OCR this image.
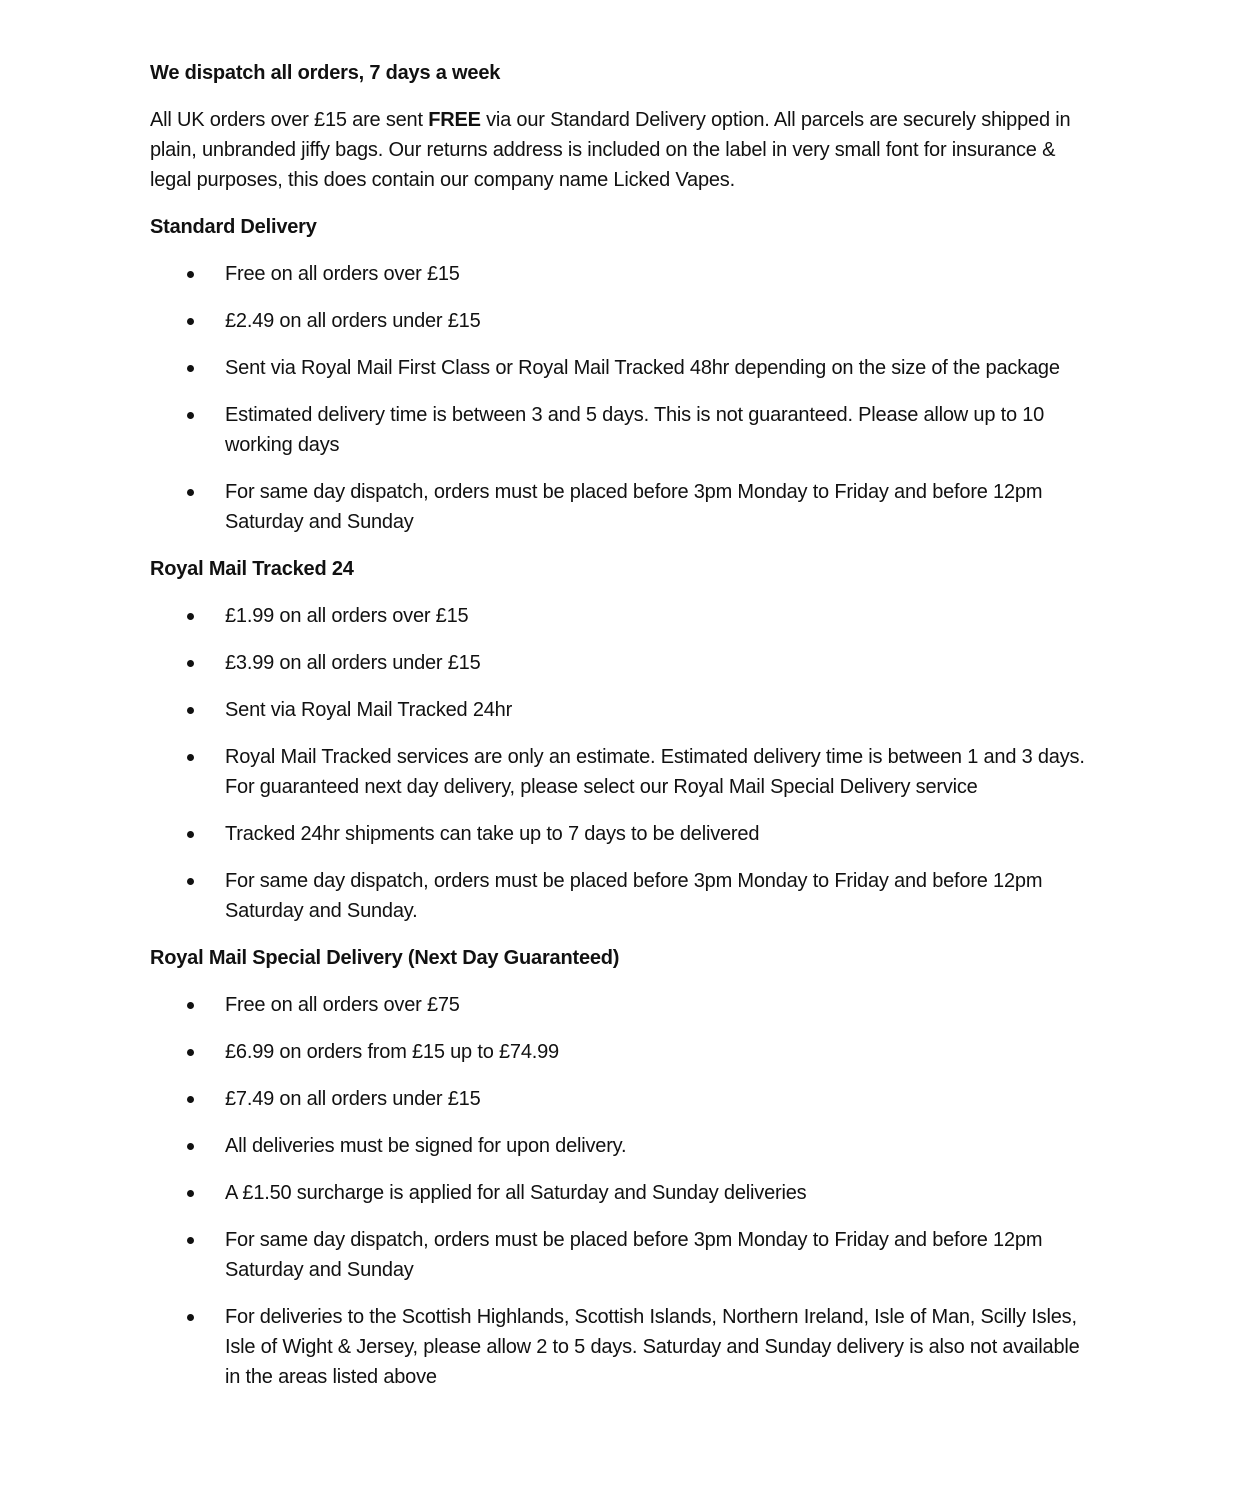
We dispatch all orders, 7 days a week

All UK orders over £15 are sent FREE via our Standard Delivery option. All parcels are securely shipped in plain, unbranded jiffy bags. Our returns address is included on the label in very small font for insurance & legal purposes, this does contain our company name Licked Vapes.

Standard Delivery
Free on all orders over £15
£2.49 on all orders under £15
Sent via Royal Mail First Class or Royal Mail Tracked 48hr depending on the size of the package
Estimated delivery time is between 3 and 5 days. This is not guaranteed. Please allow up to 10 working days
For same day dispatch, orders must be placed before 3pm Monday to Friday and before 12pm Saturday and Sunday
Royal Mail Tracked 24
£1.99 on all orders over £15
£3.99 on all orders under £15
Sent via Royal Mail Tracked 24hr
Royal Mail Tracked services are only an estimate. Estimated delivery time is between 1 and 3 days. For guaranteed next day delivery, please select our Royal Mail Special Delivery service
Tracked 24hr shipments can take up to 7 days to be delivered
For same day dispatch, orders must be placed before 3pm Monday to Friday and before 12pm Saturday and Sunday.
Royal Mail Special Delivery (Next Day Guaranteed)
Free on all orders over £75
£6.99 on orders from £15 up to £74.99
£7.49 on all orders under £15
All deliveries must be signed for upon delivery.
A £1.50 surcharge is applied for all Saturday and Sunday deliveries
For same day dispatch, orders must be placed before 3pm Monday to Friday and before 12pm Saturday and Sunday
For deliveries to the Scottish Highlands, Scottish Islands, Northern Ireland, Isle of Man, Scilly Isles, Isle of Wight & Jersey, please allow 2 to 5 days. Saturday and Sunday delivery is also not available in the areas listed above
